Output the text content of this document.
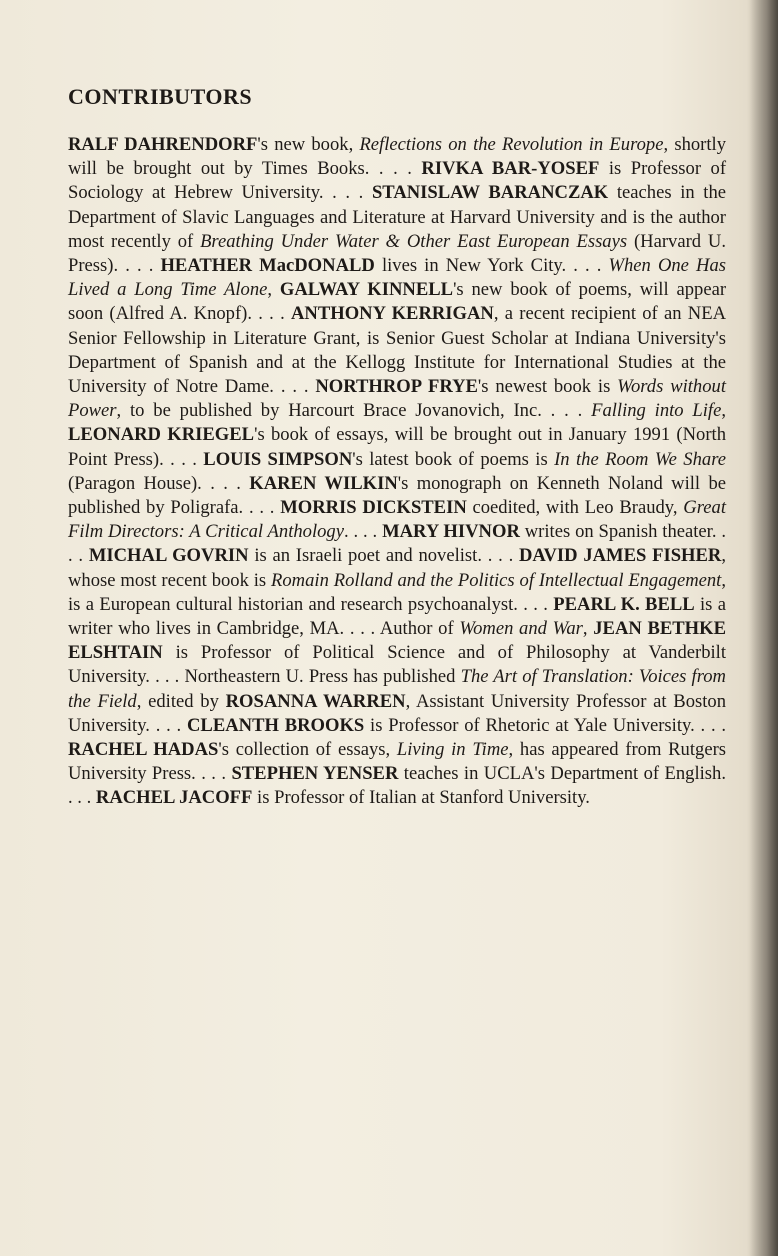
CONTRIBUTORS

RALF DAHRENDORF's new book, Reflections on the Revolution in Europe, shortly will be brought out by Times Books. . . . RIVKA BAR-YOSEF is Professor of Sociology at Hebrew University. . . . STANISLAW BARANCZAK teaches in the Department of Slavic Languages and Literature at Harvard University and is the author most recently of Breathing Under Water & Other East European Essays (Harvard U. Press). . . . HEATHER MacDONALD lives in New York City. . . . When One Has Lived a Long Time Alone, GALWAY KINNELL's new book of poems, will appear soon (Alfred A. Knopf). . . . ANTHONY KERRIGAN, a recent recipient of an NEA Senior Fellowship in Literature Grant, is Senior Guest Scholar at Indiana University's Department of Spanish and at the Kellogg Institute for International Studies at the University of Notre Dame. . . . NORTHROP FRYE's newest book is Words without Power, to be published by Harcourt Brace Jovanovich, Inc. . . . Falling into Life, LEONARD KRIEGEL's book of essays, will be brought out in January 1991 (North Point Press). . . . LOUIS SIMPSON's latest book of poems is In the Room We Share (Paragon House). . . . KAREN WILKIN's monograph on Kenneth Noland will be published by Poligrafa. . . . MORRIS DICKSTEIN coedited, with Leo Braudy, Great Film Directors: A Critical Anthology. . . . MARY HIVNOR writes on Spanish theater. . . . MICHAL GOVRIN is an Israeli poet and novelist. . . . DAVID JAMES FISHER, whose most recent book is Romain Rolland and the Politics of Intellectual Engagement, is a European cultural historian and research psychoanalyst. . . . PEARL K. BELL is a writer who lives in Cambridge, MA. . . . Author of Women and War, JEAN BETHKE ELSHTAIN is Professor of Political Science and of Philosophy at Vanderbilt University. . . . Northeastern U. Press has published The Art of Translation: Voices from the Field, edited by ROSANNA WARREN, Assistant University Professor at Boston University. . . . CLEANTH BROOKS is Professor of Rhetoric at Yale University. . . . RACHEL HADAS's collection of essays, Living in Time, has appeared from Rutgers University Press. . . . STEPHEN YENSER teaches in UCLA's Department of English. . . . RACHEL JACOFF is Professor of Italian at Stanford University.
